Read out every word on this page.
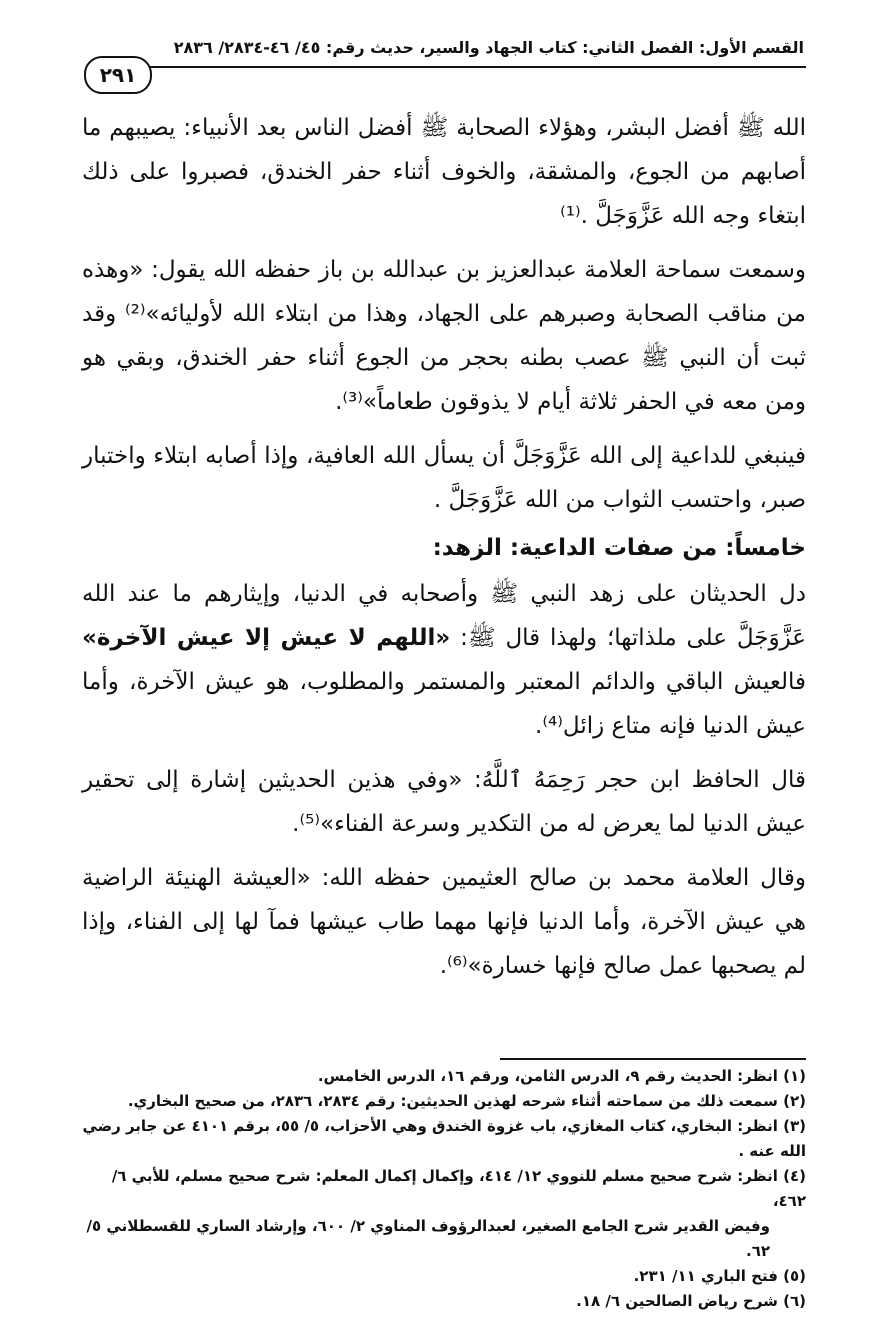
القسم الأول: الفصل الثاني: كتاب الجهاد والسير، حديث رقم: ٤٥/ ٤٦-٢٨٣٤/ ٢٨٣٦
٢٩١

الله ﷺ أفضل البشر، وهؤلاء الصحابة ﷺ أفضل الناس بعد الأنبياء: يصيبهم ما أصابهم من الجوع، والمشقة، والخوف أثناء حفر الخندق، فصبروا على ذلك ابتغاء وجه الله عَزَّوَجَلَّ .⁽¹⁾

وسمعت سماحة العلامة عبدالعزيز بن عبدالله بن باز حفظه الله يقول: «وهذه من مناقب الصحابة وصبرهم على الجهاد، وهذا من ابتلاء الله لأوليائه»⁽²⁾ وقد ثبت أن النبي ﷺ عصب بطنه بحجر من الجوع أثناء حفر الخندق، وبقي هو ومن معه في الحفر ثلاثة أيام لا يذوقون طعاماً»⁽³⁾.

فينبغي للداعية إلى الله عَزَّوَجَلَّ أن يسأل الله العافية، وإذا أصابه ابتلاء واختبار صبر، واحتسب الثواب من الله عَزَّوَجَلَّ .

خامساً: من صفات الداعية: الزهد:

دل الحديثان على زهد النبي ﷺ وأصحابه في الدنيا، وإيثارهم ما عند الله عَزَّوَجَلَّ على ملذاتها؛ ولهذا قال ﷺ: «اللهم لا عيش إلا عيش الآخرة» فالعيش الباقي والدائم المعتبر والمستمر والمطلوب، هو عيش الآخرة، وأما عيش الدنيا فإنه متاع زائل⁽⁴⁾.

قال الحافظ ابن حجر رَحِمَهُ ٱللَّهُ: «وفي هذين الحديثين إشارة إلى تحقير عيش الدنيا لما يعرض له من التكدير وسرعة الفناء»⁽⁵⁾.

وقال العلامة محمد بن صالح العثيمين حفظه الله: «العيشة الهنيئة الراضية هي عيش الآخرة، وأما الدنيا فإنها مهما طاب عيشها فمآ لها إلى الفناء، وإذا لم يصحبها عمل صالح فإنها خسارة»⁽⁶⁾.

(١) انظر: الحديث رقم ٩، الدرس الثامن، ورقم ١٦، الدرس الخامس.

(٢) سمعت ذلك من سماحته أثناء شرحه لهذين الحديثين: رقم ٢٨٣٤، ٢٨٣٦، من صحيح البخاري.

(٣) انظر: البخاري، كتاب المغازي، باب غزوة الخندق وهي الأحزاب، ٥/ ٥٥، برقم ٤١٠١ عن جابر رضي الله عنه .

(٤) انظر: شرح صحيح مسلم للنووي ١٢/ ٤١٤، وإكمال إكمال المعلم: شرح صحيح مسلم، للأبي ٦/ ٤٦٢،

وفيض القدير شرح الجامع الصغير، لعبدالرؤوف المناوي ٢/ ٦٠٠، وإرشاد الساري للقسطلاني ٥/ ٦٢.

(٥) فتح الباري ١١/ ٢٣١.

(٦) شرح رياض الصالحين ٦/ ١٨.
